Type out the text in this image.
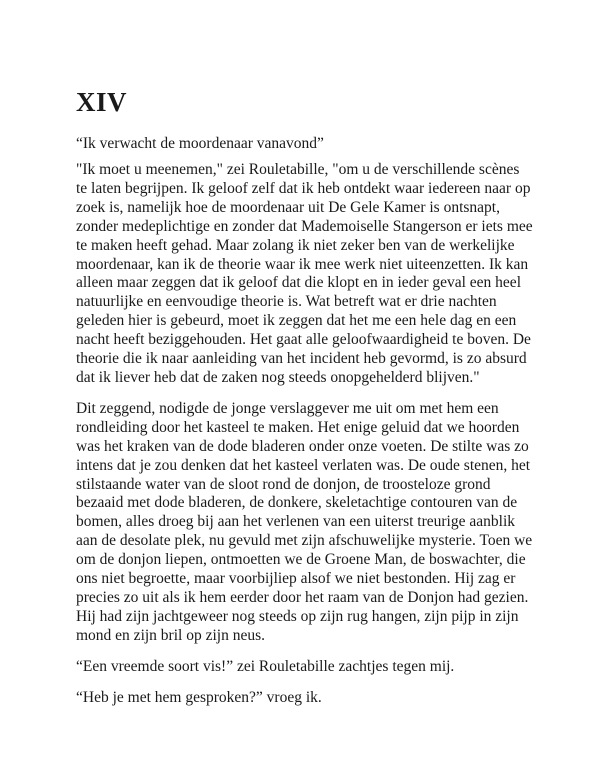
XIV

“Ik verwacht de moordenaar vanavond”

"Ik moet u meenemen," zei Rouletabille, "om u de verschillende scènes te laten begrijpen. Ik geloof zelf dat ik heb ontdekt waar iedereen naar op zoek is, namelijk hoe de moordenaar uit De Gele Kamer is ontsnapt, zonder medeplichtige en zonder dat Mademoiselle Stangerson er iets mee te maken heeft gehad. Maar zolang ik niet zeker ben van de werkelijke moordenaar, kan ik de theorie waar ik mee werk niet uiteenzetten. Ik kan alleen maar zeggen dat ik geloof dat die klopt en in ieder geval een heel natuurlijke en eenvoudige theorie is. Wat betreft wat er drie nachten geleden hier is gebeurd, moet ik zeggen dat het me een hele dag en een nacht heeft beziggehouden. Het gaat alle geloofwaardigheid te boven. De theorie die ik naar aanleiding van het incident heb gevormd, is zo absurd dat ik liever heb dat de zaken nog steeds onopgehelderd blijven."

Dit zeggend, nodigde de jonge verslaggever me uit om met hem een rondleiding door het kasteel te maken. Het enige geluid dat we hoorden was het kraken van de dode bladeren onder onze voeten. De stilte was zo intens dat je zou denken dat het kasteel verlaten was. De oude stenen, het stilstaande water van de sloot rond de donjon, de troosteloze grond bezaaid met dode bladeren, de donkere, skeletachtige contouren van de bomen, alles droeg bij aan het verlenen van een uiterst treurige aanblik aan de desolate plek, nu gevuld met zijn afschuwelijke mysterie. Toen we om de donjon liepen, ontmoetten we de Groene Man, de boswachter, die ons niet begroette, maar voorbijliep alsof we niet bestonden. Hij zag er precies zo uit als ik hem eerder door het raam van de Donjon had gezien. Hij had zijn jachtgeweer nog steeds op zijn rug hangen, zijn pijp in zijn mond en zijn bril op zijn neus.

“Een vreemde soort vis!” zei Rouletabille zachtjes tegen mij.

“Heb je met hem gesproken?” vroeg ik.
